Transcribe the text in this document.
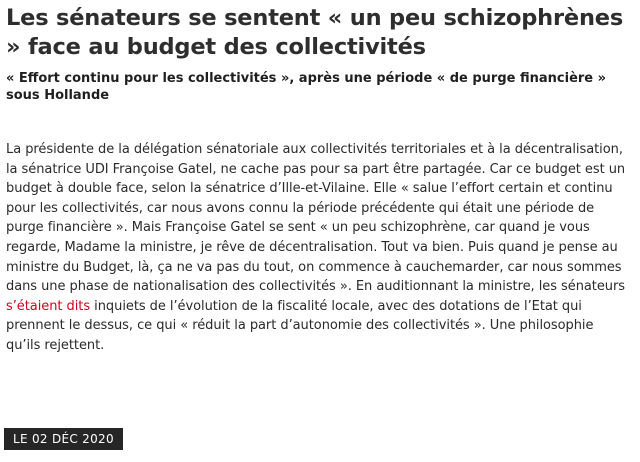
Les sénateurs se sentent « un peu schizophrènes » face au budget des collectivités

« Effort continu pour les collectivités », après une période « de purge financière » sous Hollande

La présidente de la délégation sénatoriale aux collectivités territoriales et à la décentralisation, la sénatrice UDI Françoise Gatel, ne cache pas pour sa part être partagée. Car ce budget est un budget à double face, selon la sénatrice d’Ille-et-Vilaine. Elle « salue l’effort certain et continu pour les collectivités, car nous avons connu la période précédente qui était une période de purge financière ». Mais Françoise Gatel se sent « un peu schizophrène, car quand je vous regarde, Madame la ministre, je rêve de décentralisation. Tout va bien. Puis quand je pense au ministre du Budget, là, ça ne va pas du tout, on commence à cauchemarder, car nous sommes dans une phase de nationalisation des collectivités ». En auditionnant la ministre, les sénateurs s’étaient dits inquiets de l’évolution de la fiscalité locale, avec des dotations de l’Etat qui prennent le dessus, ce qui « réduit la part d’autonomie des collectivités ». Une philosophie qu’ils rejettent.

LE 02 DÉC 2020
